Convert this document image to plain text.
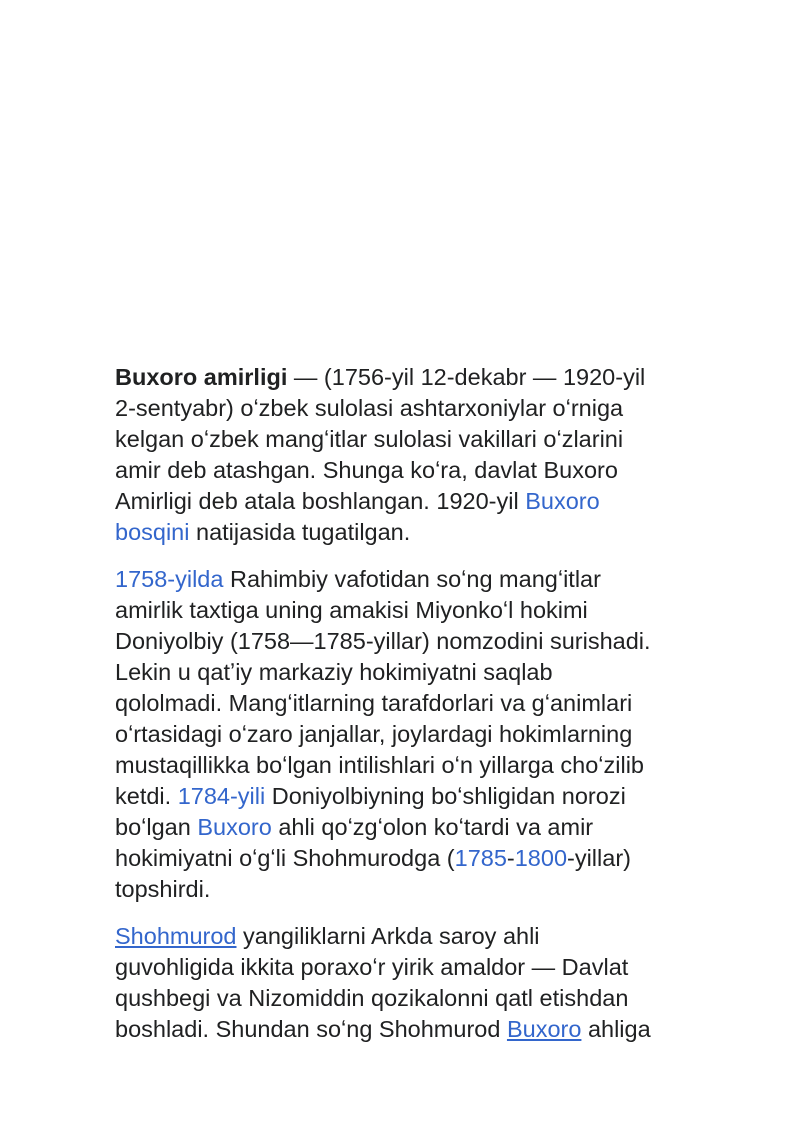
Buxoro amirligi — (1756-yil 12-dekabr — 1920-yil
2-sentyabr) oʻzbek sulolasi ashtarxoniylar oʻrniga
kelgan oʻzbek mangʻitlar sulolasi vakillari oʻzlarini
amir deb atashgan. Shunga koʻra, davlat Buxoro
Amirligi deb atala boshlangan. 1920-yil Buxoro
bosqini natijasida tugatilgan.

1758-yilda Rahimbiy vafotidan soʻng mangʻitlar
amirlik taxtiga uning amakisi Miyonkoʻl hokimi
Doniyolbiy (1758—1785-yillar) nomzodini surishadi.
Lekin u qatʼiy markaziy hokimiyatni saqlab
qololmadi. Mangʻitlarning tarafdorlari va gʻanimlari
oʻrtasidagi oʻzaro janjallar, joylardagi hokimlarning
mustaqillikka boʻlgan intilishlari oʻn yillarga choʻzilib
ketdi. 1784-yili Doniyolbiyning boʻshligidan norozi
boʻlgan Buxoro ahli qoʻzgʻolon koʻtardi va amir
hokimiyatni oʻgʻli Shohmurodga (1785-1800-yillar)
topshirdi.

Shohmurod yangiliklarni Arkda saroy ahli
guvohligida ikkita poraxoʻr yirik amaldor — Davlat
qushbegi va Nizomiddin qozikalonni qatl etishdan
boshladi. Shundan soʻng Shohmurod Buxoro ahliga
